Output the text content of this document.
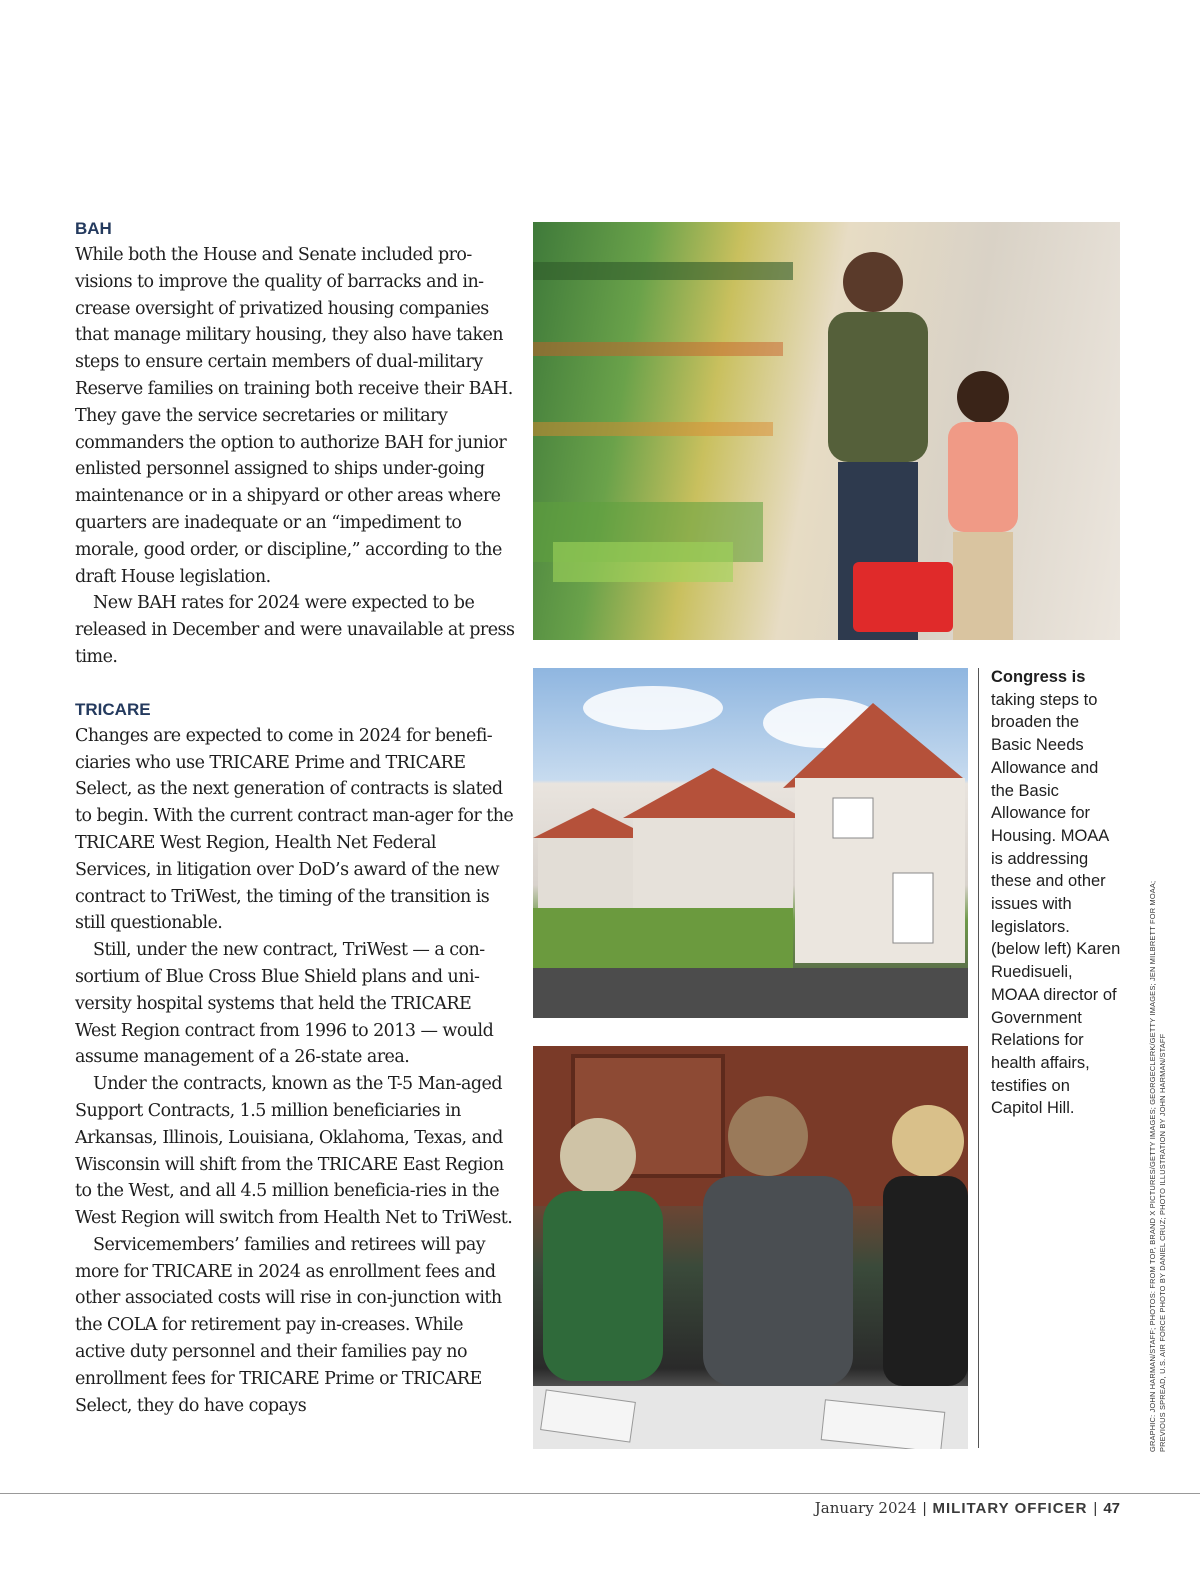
BAH

While both the House and Senate included pro-visions to improve the quality of barracks and in-crease oversight of privatized housing companies that manage military housing, they also have taken steps to ensure certain members of dual-military Reserve families on training both receive their BAH. They gave the service secretaries or military commanders the option to authorize BAH for junior enlisted personnel assigned to ships under-going maintenance or in a shipyard or other areas where quarters are inadequate or an “impediment to morale, good order, or discipline,” according to the draft House legislation.

New BAH rates for 2024 were expected to be released in December and were unavailable at press time.

TRICARE

Changes are expected to come in 2024 for benefi-ciaries who use TRICARE Prime and TRICARE Select, as the next generation of contracts is slated to begin. With the current contract man-ager for the TRICARE West Region, Health Net Federal Services, in litigation over DoD’s award of the new contract to TriWest, the timing of the transition is still questionable.

Still, under the new contract, TriWest — a con-sortium of Blue Cross Blue Shield plans and uni-versity hospital systems that held the TRICARE West Region contract from 1996 to 2013 — would assume management of a 26-state area.

Under the contracts, known as the T-5 Man-aged Support Contracts, 1.5 million beneficiaries in Arkansas, Illinois, Louisiana, Oklahoma, Texas, and Wisconsin will shift from the TRICARE East Region to the West, and all 4.5 million beneficia-ries in the West Region will switch from Health Net to TriWest.

Servicemembers’ families and retirees will pay more for TRICARE in 2024 as enrollment fees and other associated costs will rise in con-junction with the COLA for retirement pay in-creases. While active duty personnel and their families pay no enrollment fees for TRICARE Prime or TRICARE Select, they do have copays

Congress is
taking steps to broaden the Basic Needs Allowance and the Basic Allowance for Housing. MOAA is addressing these and other issues with legislators. (below left) Karen Ruedisueli, MOAA director of Government Relations for health affairs, testifies on Capitol Hill.	GRAPHIC: JOHN HARMAN/STAFF; PHOTOS: FROM TOP, BRAND X PICTURES/GETTY IMAGES; GEORGECLERK/GETTY IMAGES; JEN MILBRETT FOR MOAA; PREVIOUS SPREAD, U.S. AIR FORCE PHOTO BY DANIEL CRUZ; PHOTO ILLUSTRATION BY JOHN HARMAN/STAFF
January 2024 | MILITARY OFFICER | 47
